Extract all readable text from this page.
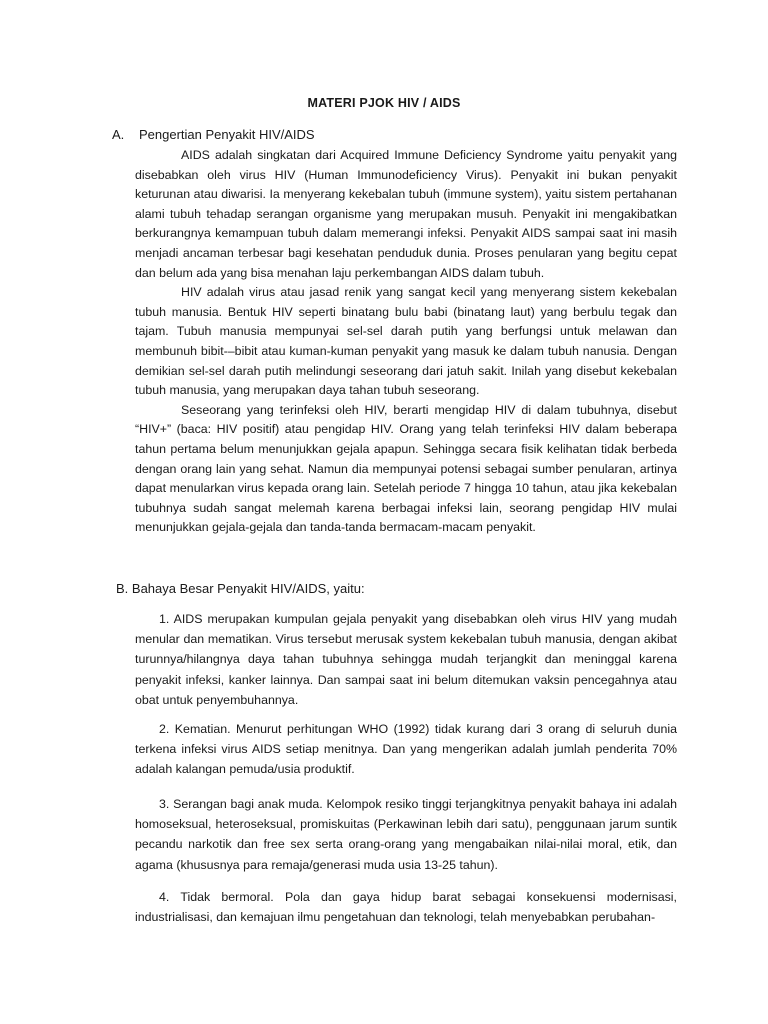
MATERI PJOK HIV / AIDS
A. Pengertian Penyakit HIV/AIDS

AIDS adalah singkatan dari Acquired Immune Deficiency Syndrome yaitu penyakit yang disebabkan oleh virus HIV (Human Immunodeficiency Virus). Penyakit ini bukan penyakit keturunan atau diwarisi. Ia menyerang kekebalan tubuh (immune system), yaitu sistem pertahanan alami tubuh tehadap serangan organisme yang merupakan musuh. Penyakit ini mengakibatkan berkurangnya kemampuan tubuh dalam memerangi infeksi. Penyakit AIDS sampai saat ini masih menjadi ancaman terbesar bagi kesehatan penduduk dunia. Proses penularan yang begitu cepat dan belum ada yang bisa menahan laju perkembangan AIDS dalam tubuh.

HIV adalah virus atau jasad renik yang sangat kecil yang menyerang sistem kekebalan tubuh manusia. Bentuk HIV seperti binatang bulu babi (binatang laut) yang berbulu tegak dan tajam. Tubuh manusia mempunyai sel-sel darah putih yang berfungsi untuk melawan dan membunuh bibit-–bibit atau kuman-kuman penyakit yang masuk ke dalam tubuh nanusia. Dengan demikian sel-sel darah putih melindungi seseorang dari jatuh sakit. Inilah yang disebut kekebalan tubuh manusia, yang merupakan daya tahan tubuh seseorang.

Seseorang yang terinfeksi oleh HIV, berarti mengidap HIV di dalam tubuhnya, disebut “HIV+” (baca: HIV positif) atau pengidap HIV. Orang yang telah terinfeksi HIV dalam beberapa tahun pertama belum menunjukkan gejala apapun. Sehingga secara fisik kelihatan tidak berbeda dengan orang lain yang sehat. Namun dia mempunyai potensi sebagai sumber penularan, artinya dapat menularkan virus kepada orang lain. Setelah periode 7 hingga 10 tahun, atau jika kekebalan tubuhnya sudah sangat melemah karena berbagai infeksi lain, seorang pengidap HIV mulai menunjukkan gejala-gejala dan tanda-tanda bermacam-macam penyakit.

B. Bahaya Besar Penyakit HIV/AIDS, yaitu:

1. AIDS merupakan kumpulan gejala penyakit yang disebabkan oleh virus HIV yang mudah menular dan mematikan. Virus tersebut merusak system kekebalan tubuh manusia, dengan akibat turunnya/hilangnya daya tahan tubuhnya sehingga mudah terjangkit dan meninggal karena penyakit infeksi, kanker lainnya. Dan sampai saat ini belum ditemukan vaksin pencegahnya atau obat untuk penyembuhannya.

2. Kematian. Menurut perhitungan WHO (1992) tidak kurang dari 3 orang di seluruh dunia terkena infeksi virus AIDS setiap menitnya. Dan yang mengerikan adalah jumlah penderita 70% adalah kalangan pemuda/usia produktif.

3. Serangan bagi anak muda. Kelompok resiko tinggi terjangkitnya penyakit bahaya ini adalah homoseksual, heteroseksual, promiskuitas (Perkawinan lebih dari satu), penggunaan jarum suntik pecandu narkotik dan free sex serta orang-orang yang mengabaikan nilai-nilai moral, etik, dan agama (khususnya para remaja/generasi muda usia 13-25 tahun).

4. Tidak bermoral. Pola dan gaya hidup barat sebagai konsekuensi modernisasi, industrialisasi, dan kemajuan ilmu pengetahuan dan teknologi, telah menyebabkan perubahan-
